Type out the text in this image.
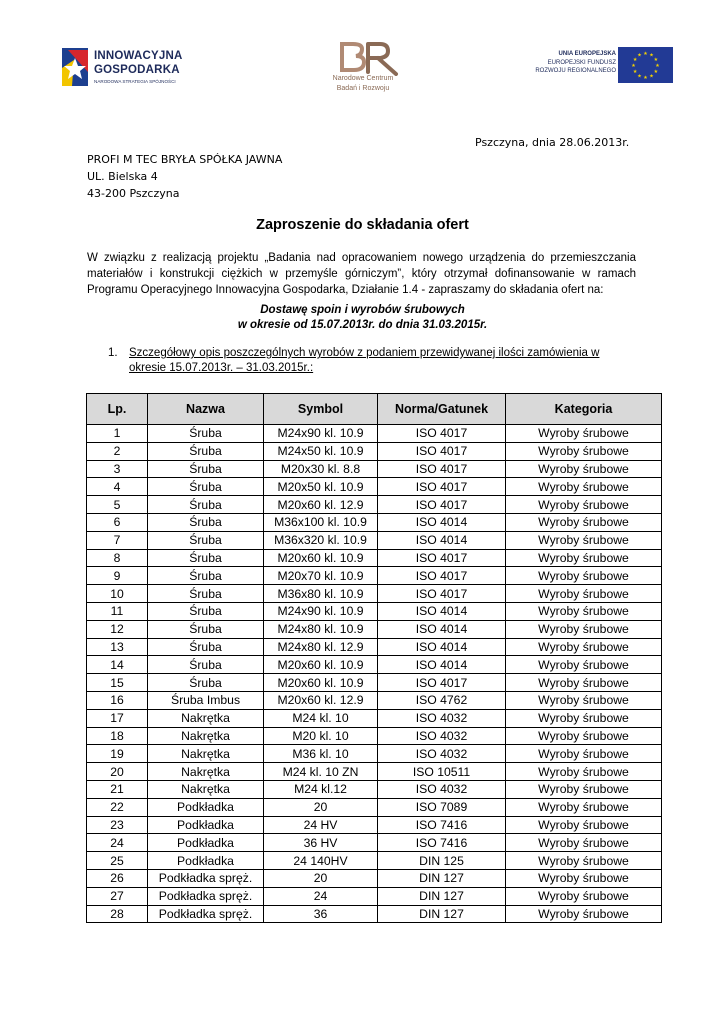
INNOWACYJNA
GOSPODARKA
NARODOWA STRATEGIA SPÓJNOŚCI	Narodowe Centrum
Badań i Rozwoju
UNIA EUROPEJSKA
EUROPEJSKI FUNDUSZ
ROZWOJU REGIONALNEGO
★ ★
★
★
★
★
★
★
★
★
★
★
Pszczyna, dnia 28.06.2013r.
PROFI M TEC BRYŁA SPÓŁKA JAWNA
UL. Bielska 4
43-200 Pszczyna
Zaproszenie do składania ofert
W związku z realizacją projektu „Badania nad opracowaniem nowego urządzenia do przemieszczania
materiałów i konstrukcji ciężkich w przemyśle górniczym”, który otrzymał dofinansowanie w ramach
Programu Operacyjnego Innowacyjna Gospodarka, Działanie 1.4 - zapraszamy do składania ofert na:
Dostawę spoin i wyrobów śrubowych
w okresie od 15.07.2013r. do dnia 31.03.2015r.
1. Szczegółowy opis poszczególnych wyrobów z podaniem przewidywanej ilości zamówienia w
okresie 15.07.2013r. – 31.03.2015r.:
Lp.	Nazwa	Symbol	Norma/Gatunek	Kategoria
1	Śruba	M24x90 kl. 10.9	ISO 4017	Wyroby śrubowe
2	Śruba	M24x50 kl. 10.9	ISO 4017	Wyroby śrubowe
3	Śruba	M20x30 kl. 8.8	ISO 4017	Wyroby śrubowe
4	Śruba	M20x50 kl. 10.9	ISO 4017	Wyroby śrubowe
5	Śruba	M20x60 kl. 12.9	ISO 4017	Wyroby śrubowe
6	Śruba	M36x100 kl. 10.9	ISO 4014	Wyroby śrubowe
7	Śruba	M36x320 kl. 10.9	ISO 4014	Wyroby śrubowe
8	Śruba	M20x60 kl. 10.9	ISO 4017	Wyroby śrubowe
9	Śruba	M20x70 kl. 10.9	ISO 4017	Wyroby śrubowe
10	Śruba	M36x80 kl. 10.9	ISO 4017	Wyroby śrubowe
11	Śruba	M24x90 kl. 10.9	ISO 4014	Wyroby śrubowe
12	Śruba	M24x80 kl. 10.9	ISO 4014	Wyroby śrubowe
13	Śruba	M24x80 kl. 12.9	ISO 4014	Wyroby śrubowe
14	Śruba	M20x60 kl. 10.9	ISO 4014	Wyroby śrubowe
15	Śruba	M20x60 kl. 10.9	ISO 4017	Wyroby śrubowe
16	Śruba Imbus	M20x60 kl. 12.9	ISO 4762	Wyroby śrubowe
17	Nakrętka	M24 kl. 10	ISO 4032	Wyroby śrubowe
18	Nakrętka	M20 kl. 10	ISO 4032	Wyroby śrubowe
19	Nakrętka	M36 kl. 10	ISO 4032	Wyroby śrubowe
20	Nakrętka	M24 kl. 10 ZN	ISO 10511	Wyroby śrubowe
21	Nakrętka	M24 kl.12	ISO 4032	Wyroby śrubowe
22	Podkładka	20	ISO 7089	Wyroby śrubowe
23	Podkładka	24 HV	ISO 7416	Wyroby śrubowe
24	Podkładka	36 HV	ISO 7416	Wyroby śrubowe
25	Podkładka	24 140HV	DIN 125	Wyroby śrubowe
26	Podkładka spręż.	20	DIN 127	Wyroby śrubowe
27	Podkładka spręż.	24	DIN 127	Wyroby śrubowe
28	Podkładka spręż.	36	DIN 127	Wyroby śrubowe
